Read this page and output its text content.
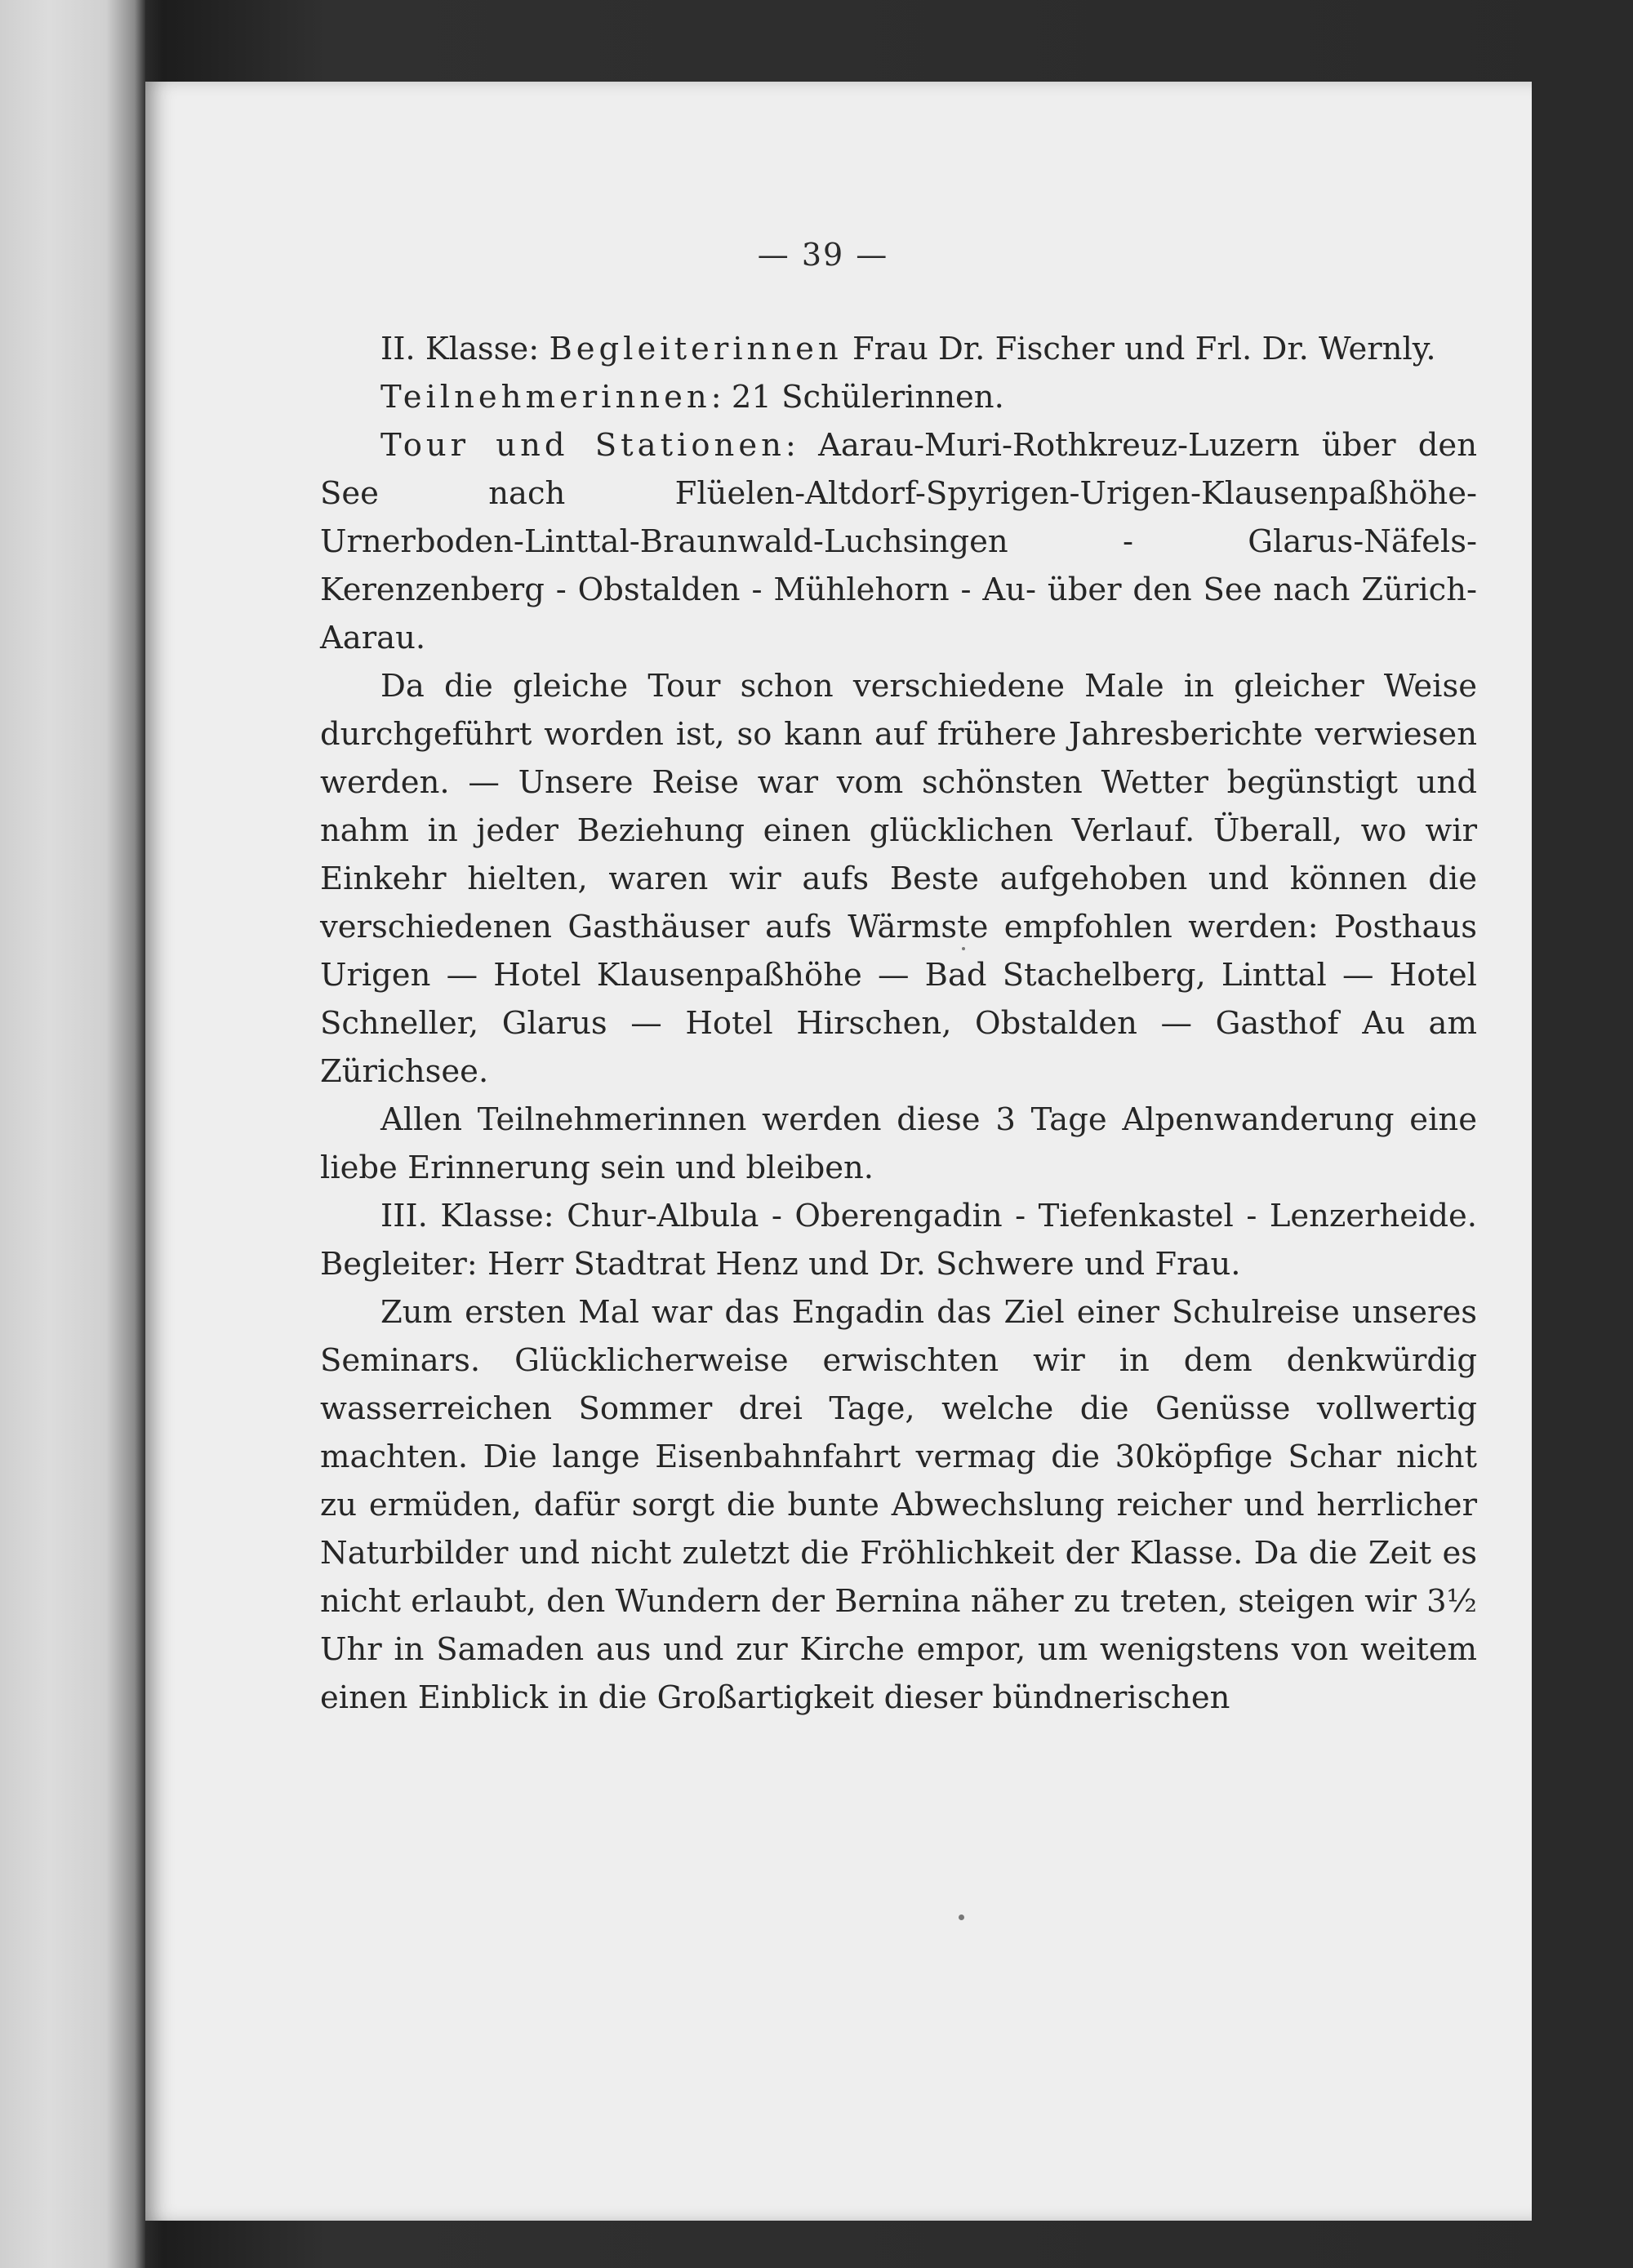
— 39 —

II. Klasse: Begleiterinnen Frau Dr. Fischer und Frl. Dr. Wernly.

Teilnehmerinnen: 21 Schülerinnen.

Tour und Stationen: Aarau-Muri-Rothkreuz-Luzern über den See nach Flüelen-Altdorf-Spyrigen-Urigen-Klausenpaßhöhe-Urnerboden-Linttal-Braunwald-Luchsingen - Glarus-Näfels-Kerenzenberg - Obstalden - Mühlehorn - Au- über den See nach Zürich-Aarau.

Da die gleiche Tour schon verschiedene Male in gleicher Weise durchgeführt worden ist, so kann auf frühere Jahresberichte verwiesen werden. — Unsere Reise war vom schönsten Wetter begünstigt und nahm in jeder Beziehung einen glücklichen Verlauf. Überall, wo wir Einkehr hielten, waren wir aufs Beste aufgehoben und können die verschiedenen Gasthäuser aufs Wärmste empfohlen werden: Posthaus Urigen — Hotel Klausenpaßhöhe — Bad Stachelberg, Linttal — Hotel Schneller, Glarus — Hotel Hirschen, Obstalden — Gasthof Au am Zürichsee.

Allen Teilnehmerinnen werden diese 3 Tage Alpenwanderung eine liebe Erinnerung sein und bleiben.

III. Klasse: Chur-Albula - Oberengadin - Tiefenkastel - Lenzerheide. Begleiter: Herr Stadtrat Henz und Dr. Schwere und Frau.

Zum ersten Mal war das Engadin das Ziel einer Schulreise unseres Seminars. Glücklicherweise erwischten wir in dem denkwürdig wasserreichen Sommer drei Tage, welche die Genüsse vollwertig machten. Die lange Eisenbahnfahrt vermag die 30köpfige Schar nicht zu ermüden, dafür sorgt die bunte Abwechslung reicher und herrlicher Naturbilder und nicht zuletzt die Fröhlichkeit der Klasse. Da die Zeit es nicht erlaubt, den Wundern der Bernina näher zu treten, steigen wir 3½ Uhr in Samaden aus und zur Kirche empor, um wenigstens von weitem einen Einblick in die Großartigkeit dieser bündnerischen
